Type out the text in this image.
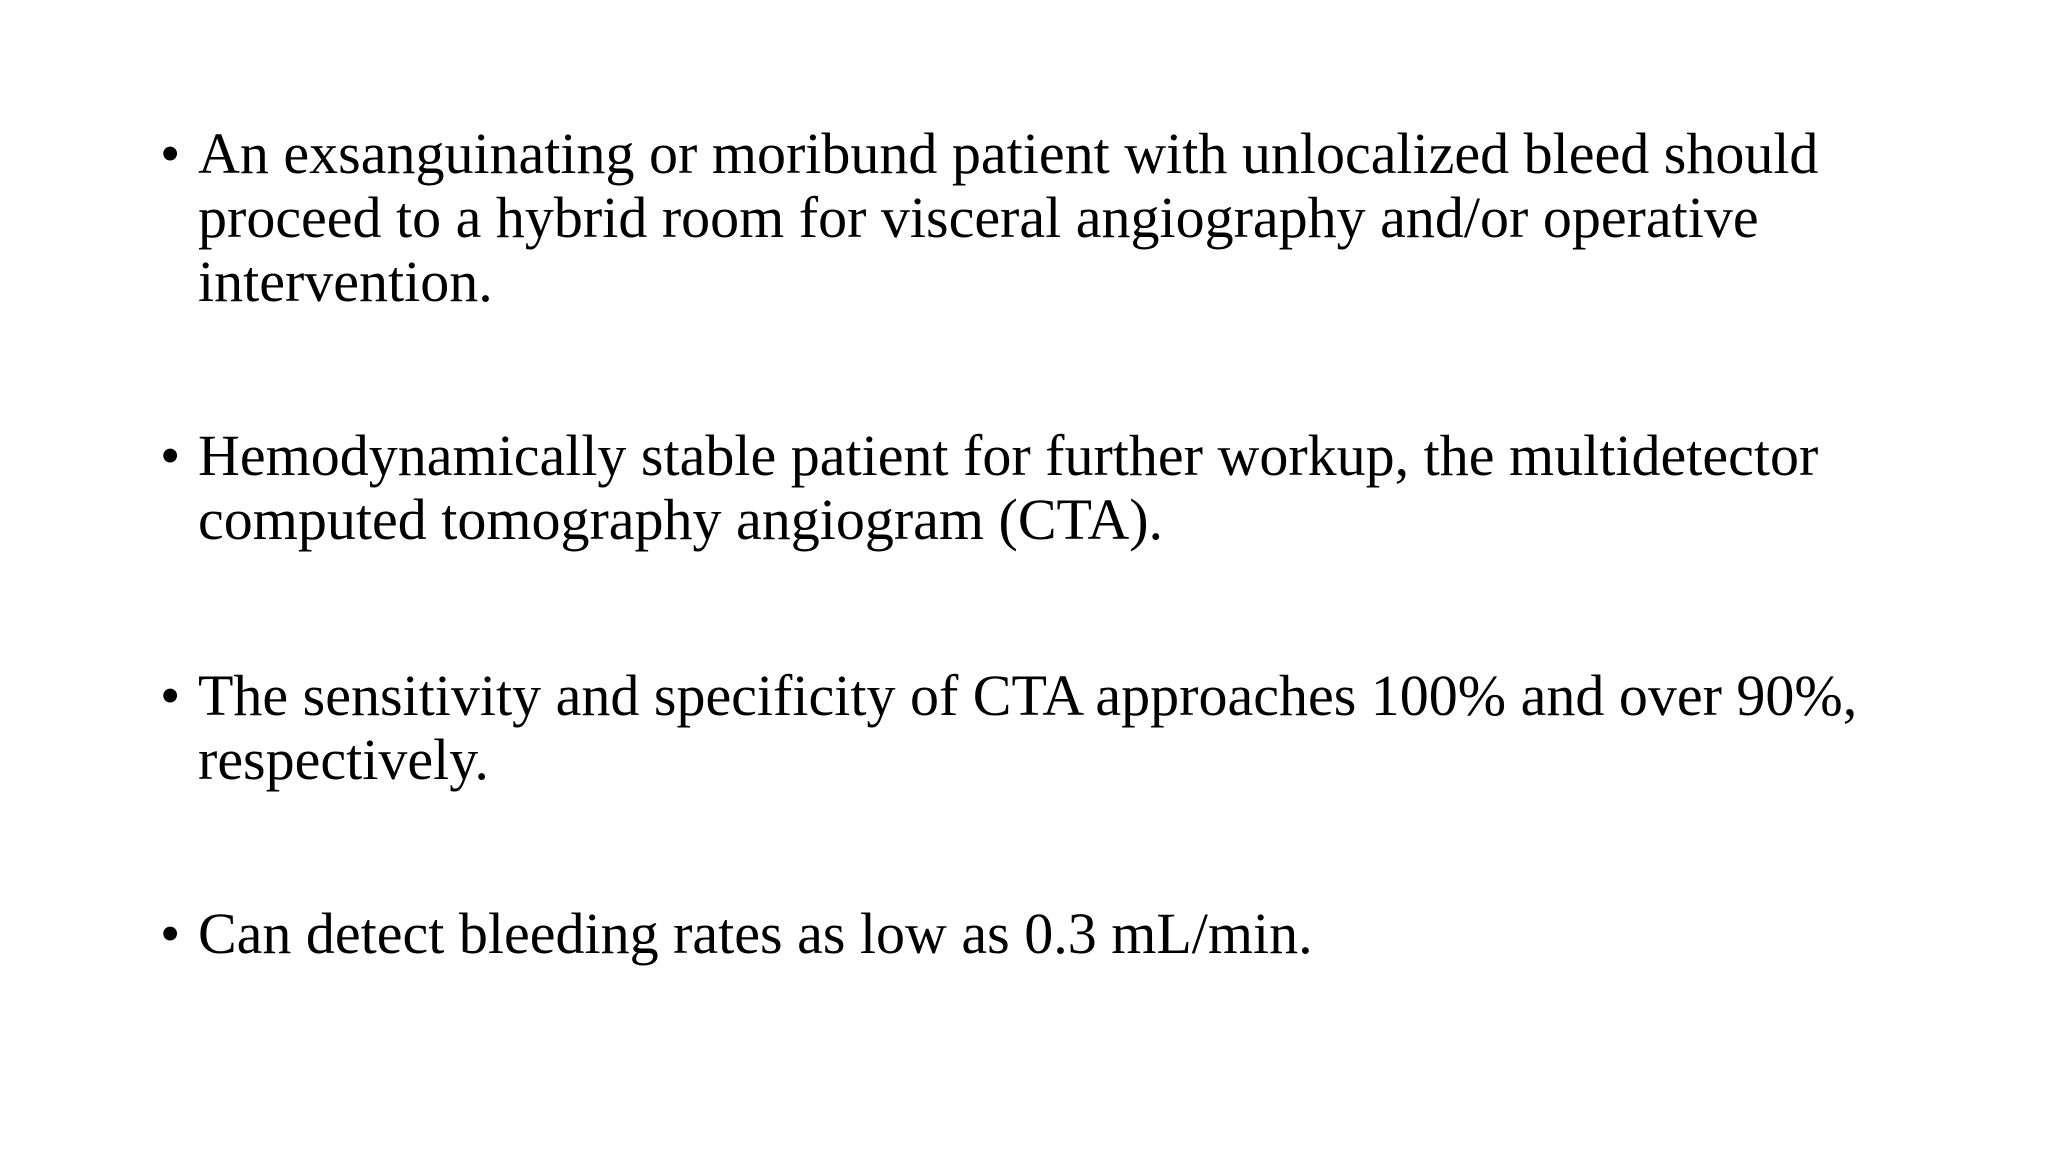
• An exsanguinating or moribund patient with unlocalized bleed should proceed to a hybrid room for visceral angiography and/or operative intervention.
• Hemodynamically stable patient for further workup, the multidetector computed tomography angiogram (CTA).
• The sensitivity and specificity of CTA approaches 100% and over 90%, respectively.
• Can detect bleeding rates as low as 0.3 mL/min.
